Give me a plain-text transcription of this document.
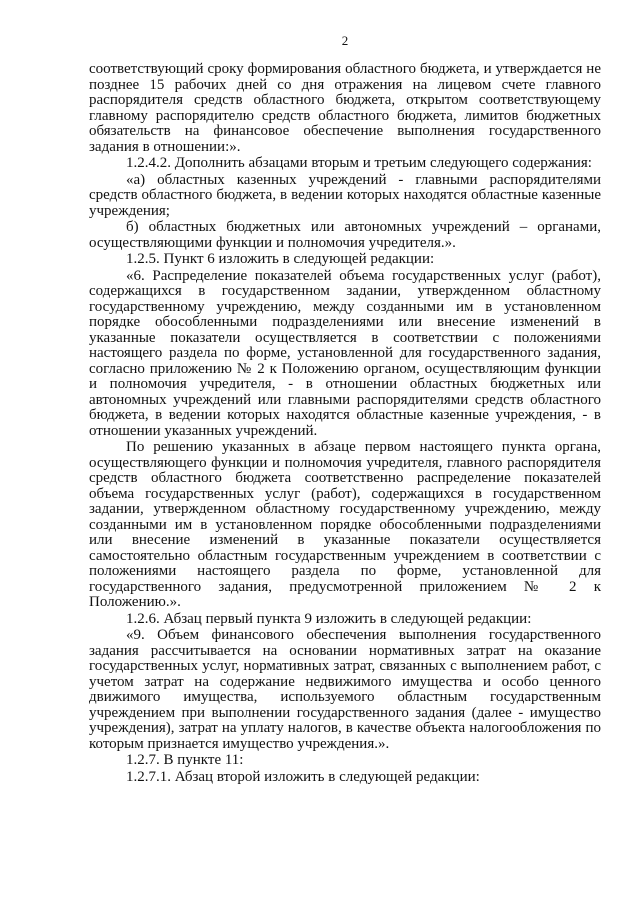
2

соответствующий сроку формирования областного бюджета, и утверждается не позднее 15 рабочих дней со дня отражения на лицевом счете главного распорядителя средств областного бюджета, открытом соответствующему главному распорядителю средств областного бюджета, лимитов бюджетных обязательств на финансовое обеспечение выполнения государственного задания в отношении:».

1.2.4.2. Дополнить абзацами вторым и третьим следующего содержания:

«а) областных казенных учреждений - главными распорядителями средств областного бюджета, в ведении которых находятся областные казенные учреждения;

б) областных бюджетных или автономных учреждений – органами, осуществляющими функции и полномочия учредителя.».

1.2.5. Пункт 6 изложить в следующей редакции:

«6. Распределение показателей объема государственных услуг (работ), содержащихся в государственном задании, утвержденном областному государственному учреждению, между созданными им в установленном порядке обособленными подразделениями или внесение изменений в указанные показатели осуществляется в соответствии с положениями настоящего раздела по форме, установленной для государственного задания, согласно приложению № 2 к Положению органом, осуществляющим функции и полномочия учредителя, - в отношении областных бюджетных или автономных учреждений или главными распорядителями средств областного бюджета, в ведении которых находятся областные казенные учреждения, - в отношении указанных учреждений.

По решению указанных в абзаце первом настоящего пункта органа, осуществляющего функции и полномочия учредителя, главного распорядителя средств областного бюджета соответственно распределение показателей объема государственных услуг (работ), содержащихся в государственном задании, утвержденном областному государственному учреждению, между созданными им в установленном порядке обособленными подразделениями или внесение изменений в указанные показатели осуществляется самостоятельно областным государственным учреждением в соответствии с положениями настоящего раздела по форме, установленной для государственного задания, предусмотренной приложением № 2 к Положению.».

1.2.6. Абзац первый пункта 9 изложить в следующей редакции:

«9. Объем финансового обеспечения выполнения государственного задания рассчитывается на основании нормативных затрат на оказание государственных услуг, нормативных затрат, связанных с выполнением работ, с учетом затрат на содержание недвижимого имущества и особо ценного движимого имущества, используемого областным государственным учреждением при выполнении государственного задания (далее - имущество учреждения), затрат на уплату налогов, в качестве объекта налогообложения по которым признается имущество учреждения.».

1.2.7. В пункте 11:

1.2.7.1. Абзац второй изложить в следующей редакции:
